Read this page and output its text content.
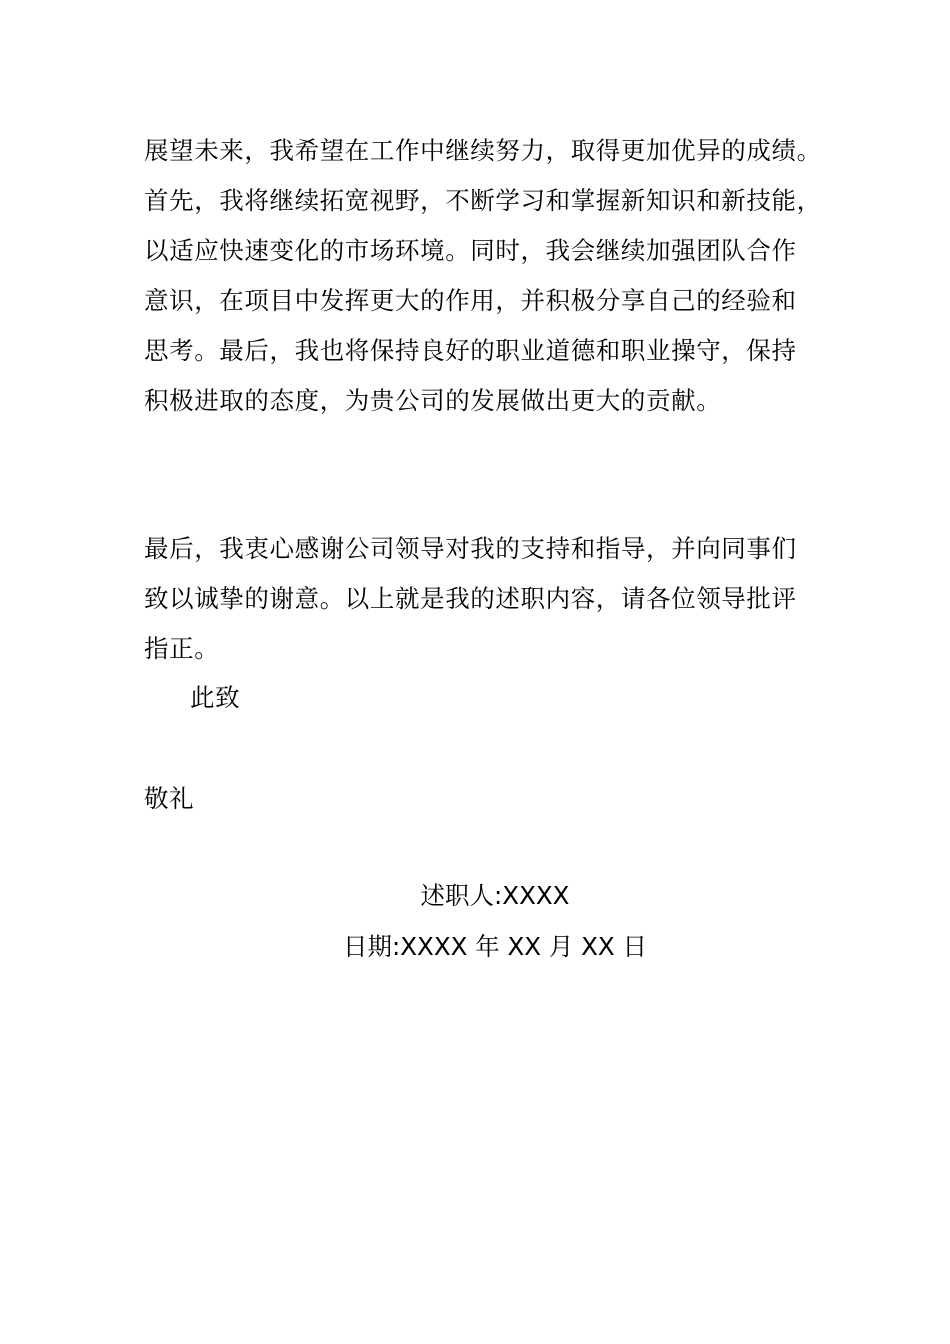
展望未来，我希望在工作中继续努力，取得更加优异的成绩。
首先，我将继续拓宽视野，不断学习和掌握新知识和新技能，
以适应快速变化的市场环境。同时，我会继续加强团队合作
意识，在项目中发挥更大的作用，并积极分享自己的经验和
思考。最后，我也将保持良好的职业道德和职业操守，保持
积极进取的态度，为贵公司的发展做出更大的贡献。
最后，我衷心感谢公司领导对我的支持和指导，并向同事们
致以诚挚的谢意。以上就是我的述职内容，请各位领导批评
指正。
此致
敬礼
述职人:XXXX
日期:XXXX 年 XX 月 XX 日
